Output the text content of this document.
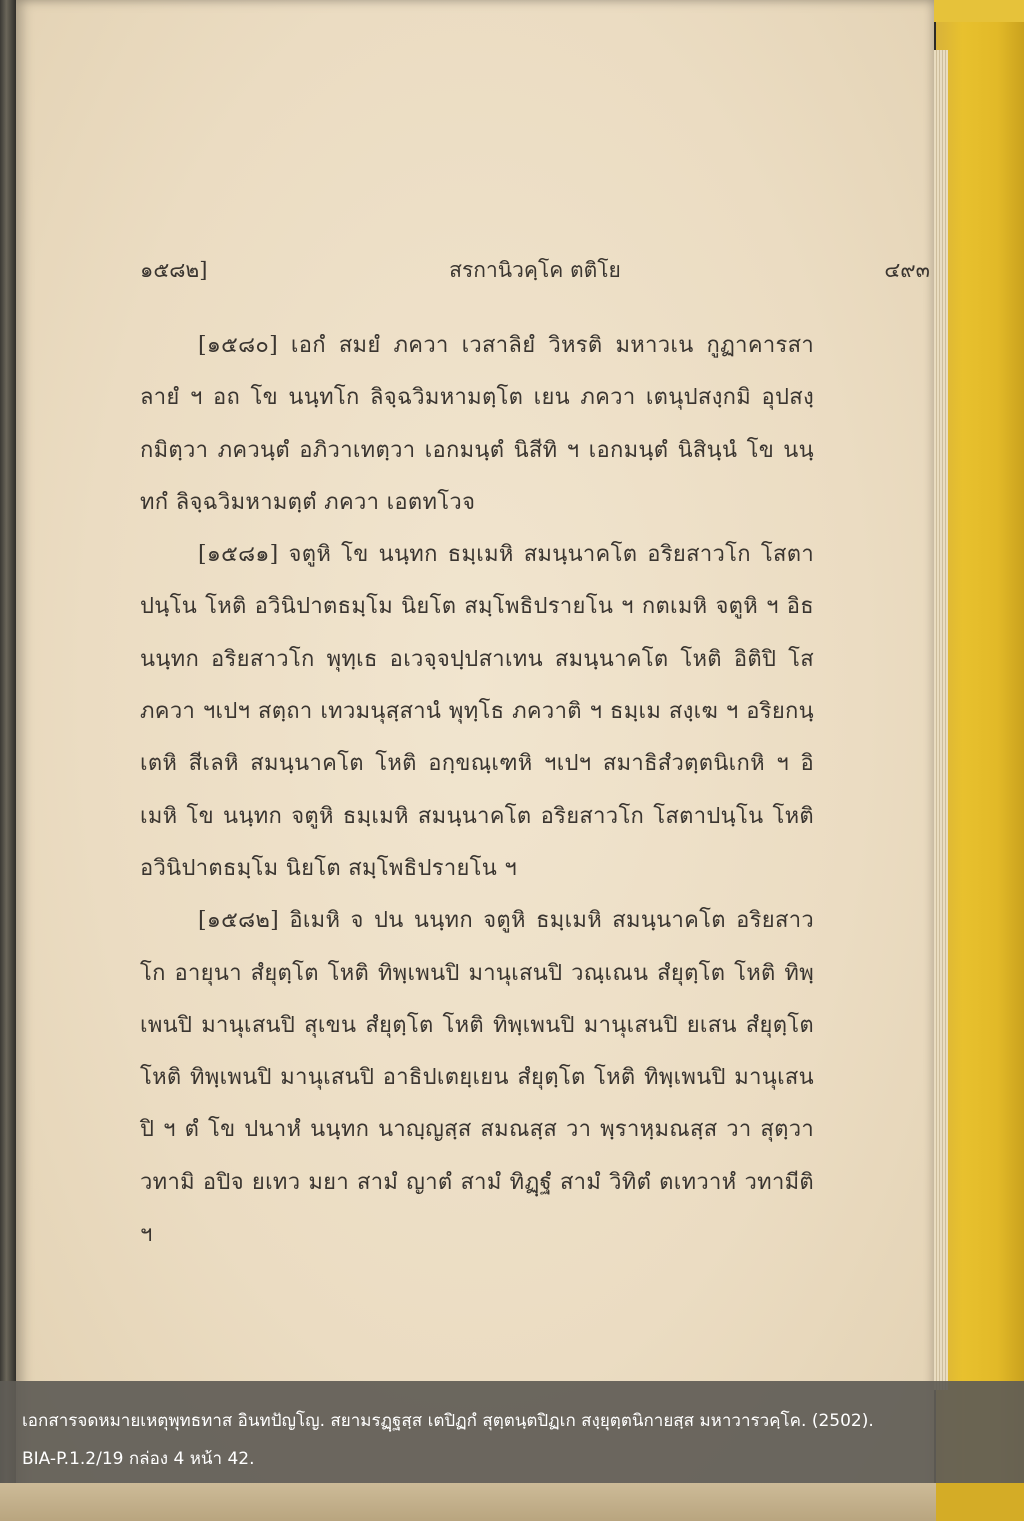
๑๕๘๒]	สรกานิวคฺโค ตติโย	๔๙๓

[๑๕๘๐] เอกํ สมยํ ภควา เวสาลิยํ วิหรติ มหาวเน กูฏาคารสาลายํ ฯ อถ โข นนฺทโก ลิจฺฉวิมหามตฺโต เยน ภควา เตนุปสงฺกมิ อุปสงฺกมิตฺวา ภควนฺตํ อภิวาเทตฺวา เอกมนฺตํ นิสีทิ ฯ เอกมนฺตํ นิสินฺนํ โข นนฺทกํ ลิจฺฉวิมหามตฺตํ ภควา เอตทโวจ

[๑๕๘๑] จตูหิ โข นนฺทก ธมฺเมหิ สมนฺนาคโต อริยสาวโก โสตาปนฺโน โหติ อวินิปาตธมฺโม นิยโต สมฺโพธิปรายโน ฯ กตเมหิ จตูหิ ฯ อิธ นนฺทก อริยสาวโก พุทฺเธ อเวจฺจปฺปสาเทน สมนฺนาคโต โหติ อิติปิ โส ภควา ฯเปฯ สตฺถา เทวมนุสฺสานํ พุทฺโธ ภควาติ ฯ ธมฺเม สงฺเฆ ฯ อริยกนฺเตหิ สีเลหิ สมนฺนาคโต โหติ อกฺขณฺเฑหิ ฯเปฯ สมาธิสํวตฺตนิเกหิ ฯ อิเมหิ โข นนฺทก จตูหิ ธมฺเมหิ สมนฺนาคโต อริยสาวโก โสตาปนฺโน โหติ อวินิปาตธมฺโม นิยโต สมฺโพธิปรายโน ฯ

[๑๕๘๒] อิเมหิ จ ปน นนฺทก จตูหิ ธมฺเมหิ สมนฺนาคโต อริยสาวโก อายุนา สํยุตฺโต โหติ ทิพฺเพนปิ มานุเสนปิ วณฺเณน สํยุตฺโต โหติ ทิพฺเพนปิ มานุเสนปิ สุเขน สํยุตฺโต โหติ ทิพฺเพนปิ มานุเสนปิ ยเสน สํยุตฺโต โหติ ทิพฺเพนปิ มานุเสนปิ อาธิปเตยฺเยน สํยุตฺโต โหติ ทิพฺเพนปิ มานุเสนปิ ฯ ตํ โข ปนาหํ นนฺทก นาญฺญสฺส สมณสฺส วา พฺราหฺมณสฺส วา สุตฺวา วทามิ อปิจ ยเทว มยา สามํ ญาตํ สามํ ทิฏฺฐํ สามํ วิทิตํ ตเทวาหํ วทามีติ ฯ

เอกสารจดหมายเหตุพุทธทาส อินทปัญโญ. สยามรฏฺฐสฺส เตปิฏกํ สุตฺตนฺตปิฏเก สงฺยุตฺตนิกายสฺส มหาวารวคฺโค. (2502).
BIA-P.1.2/19 กล่อง 4 หน้า 42.
